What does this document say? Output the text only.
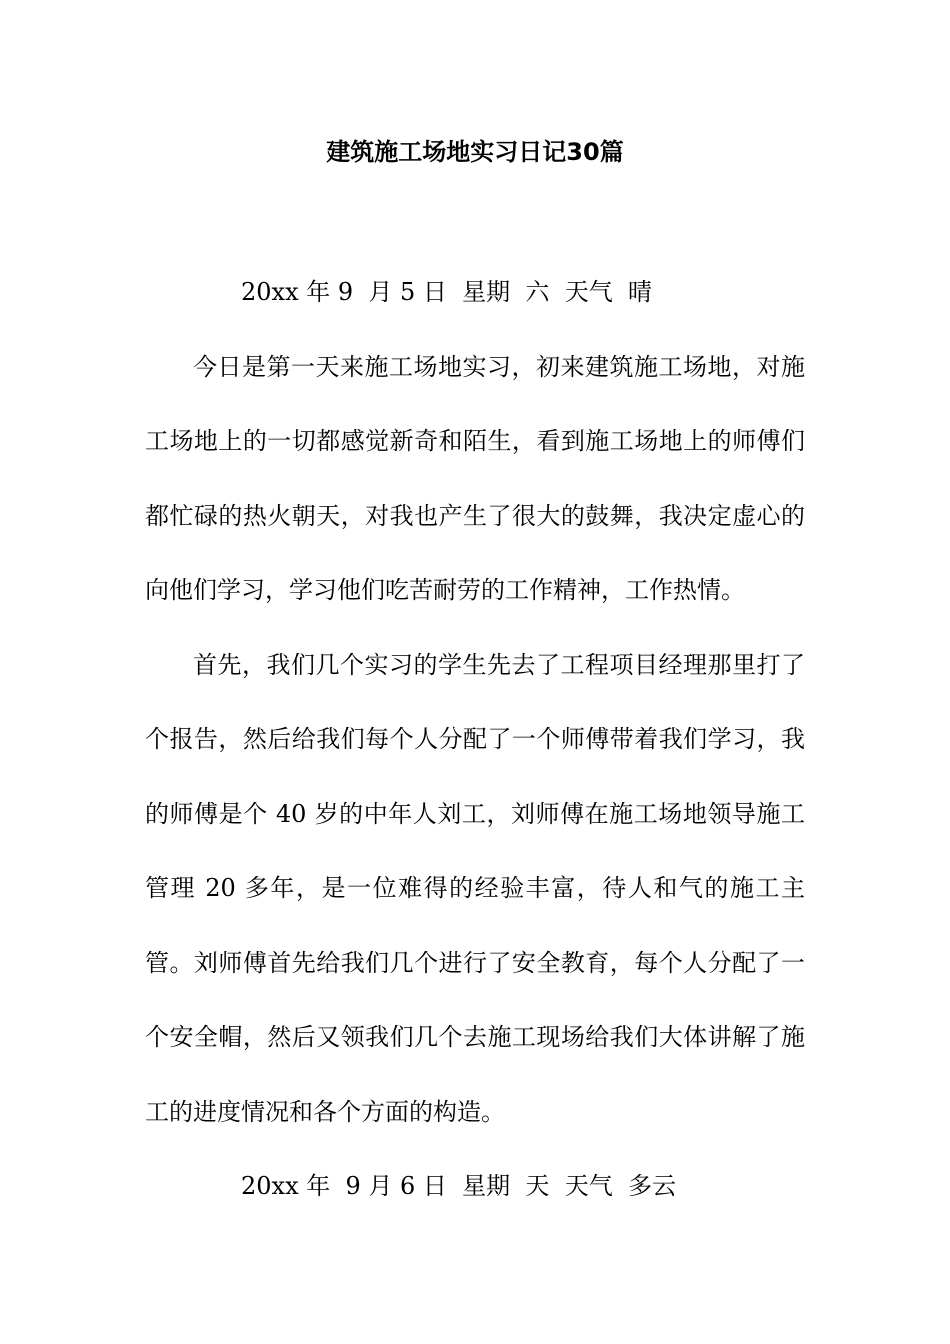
建筑施工场地实习日记30篇

20xx 年 9  月 5 日  星期  六  天气  晴

今日是第一天来施工场地实习，初来建筑施工场地，对施工场地上的一切都感觉新奇和陌生，看到施工场地上的师傅们都忙碌的热火朝天，对我也产生了很大的鼓舞，我决定虚心的向他们学习，学习他们吃苦耐劳的工作精神，工作热情。

首先，我们几个实习的学生先去了工程项目经理那里打了个报告，然后给我们每个人分配了一个师傅带着我们学习，我的师傅是个 40 岁的中年人刘工，刘师傅在施工场地领导施工管理 20 多年，是一位难得的经验丰富，待人和气的施工主管。刘师傅首先给我们几个进行了安全教育，每个人分配了一个安全帽，然后又领我们几个去施工现场给我们大体讲解了施工的进度情况和各个方面的构造。

20xx 年  9 月 6 日  星期  天  天气  多云
